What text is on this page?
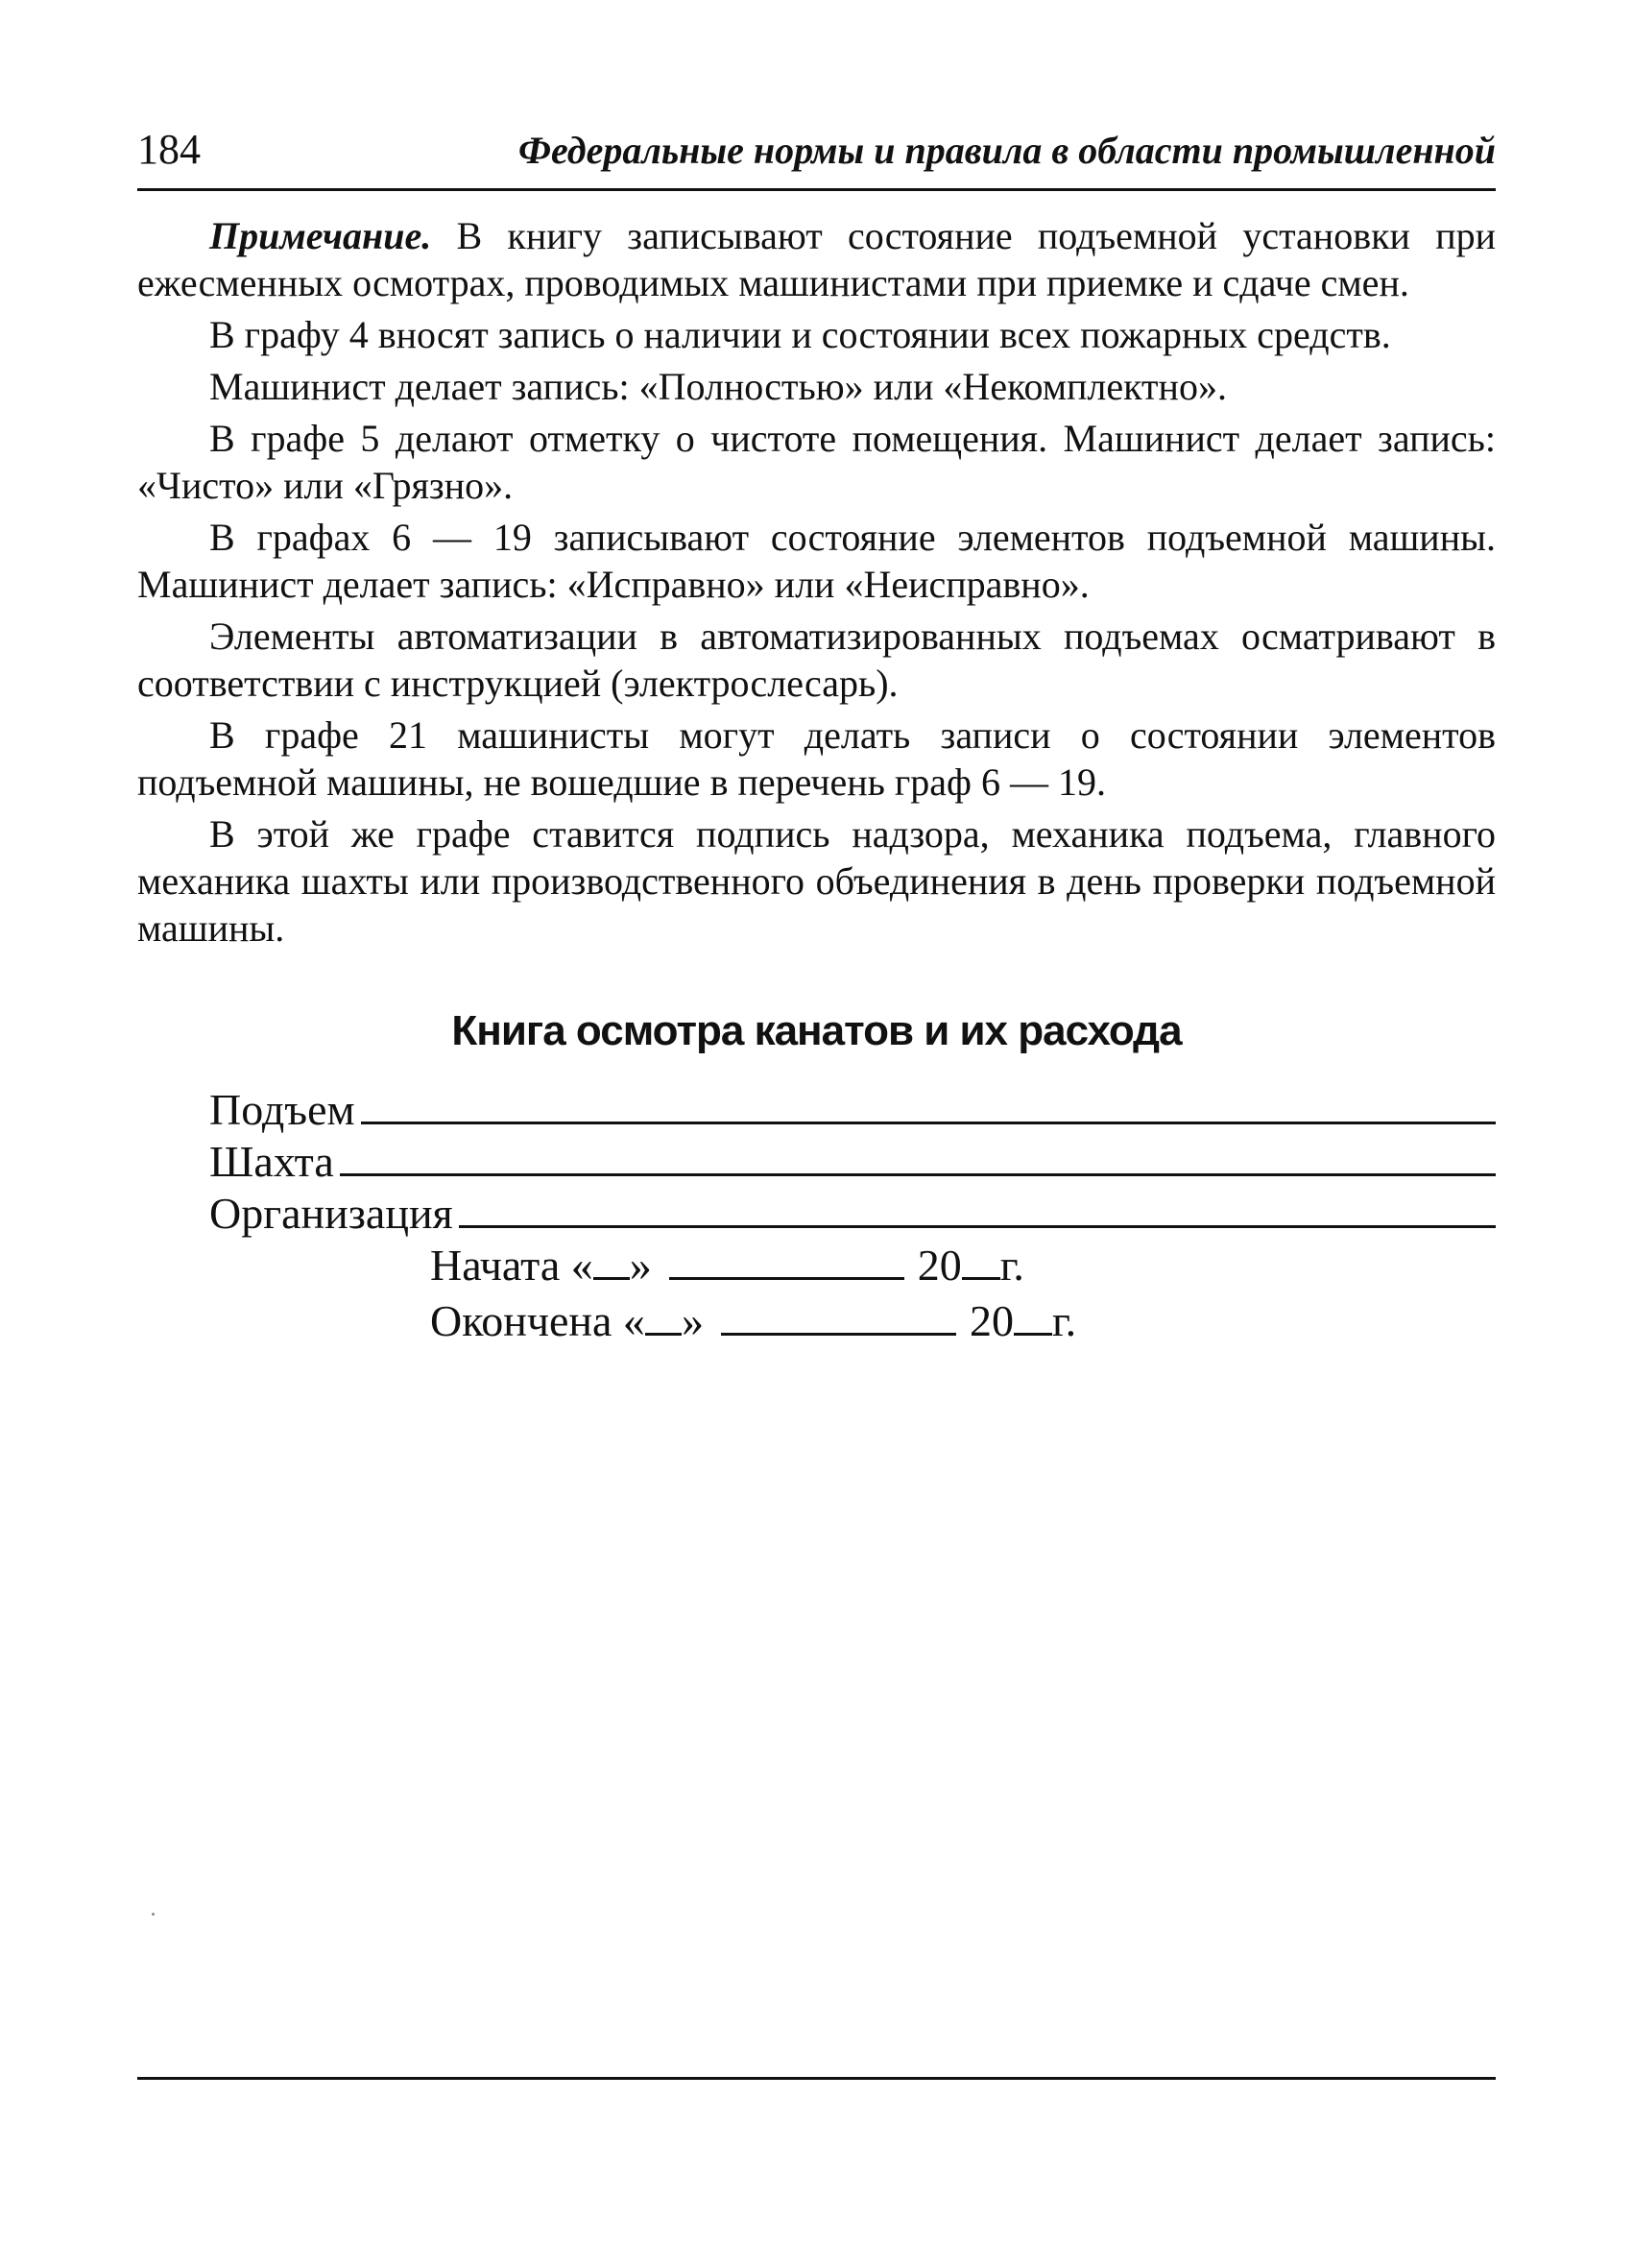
184	Федеральные нормы и правила в области промышленной

Примечание. В книгу записывают состояние подъемной установки при ежесменных осмотрах, проводимых машинистами при приемке и сдаче смен.

В графу 4 вносят запись о наличии и состоянии всех пожарных средств.

Машинист делает запись: «Полностью» или «Некомплектно».

В графе 5 делают отметку о чистоте помещения. Машинист делает запись: «Чисто» или «Грязно».

В графах 6 — 19 записывают состояние элементов подъемной машины. Машинист делает запись: «Исправно» или «Неисправно».

Элементы автоматизации в автоматизированных подъемах осматривают в соответствии с инструкцией (электрослесарь).

В графе 21 машинисты могут делать записи о состоянии элементов подъемной машины, не вошедшие в перечень граф 6 — 19.

В этой же графе ставится подпись надзора, механика подъема, главного механика шахты или производственного объединения в день проверки подъемной машины.

Книга осмотра канатов и их расхода
Подъем
Шахта
Организация
Начата « »	20 г.
Окончена « »	20 г.
